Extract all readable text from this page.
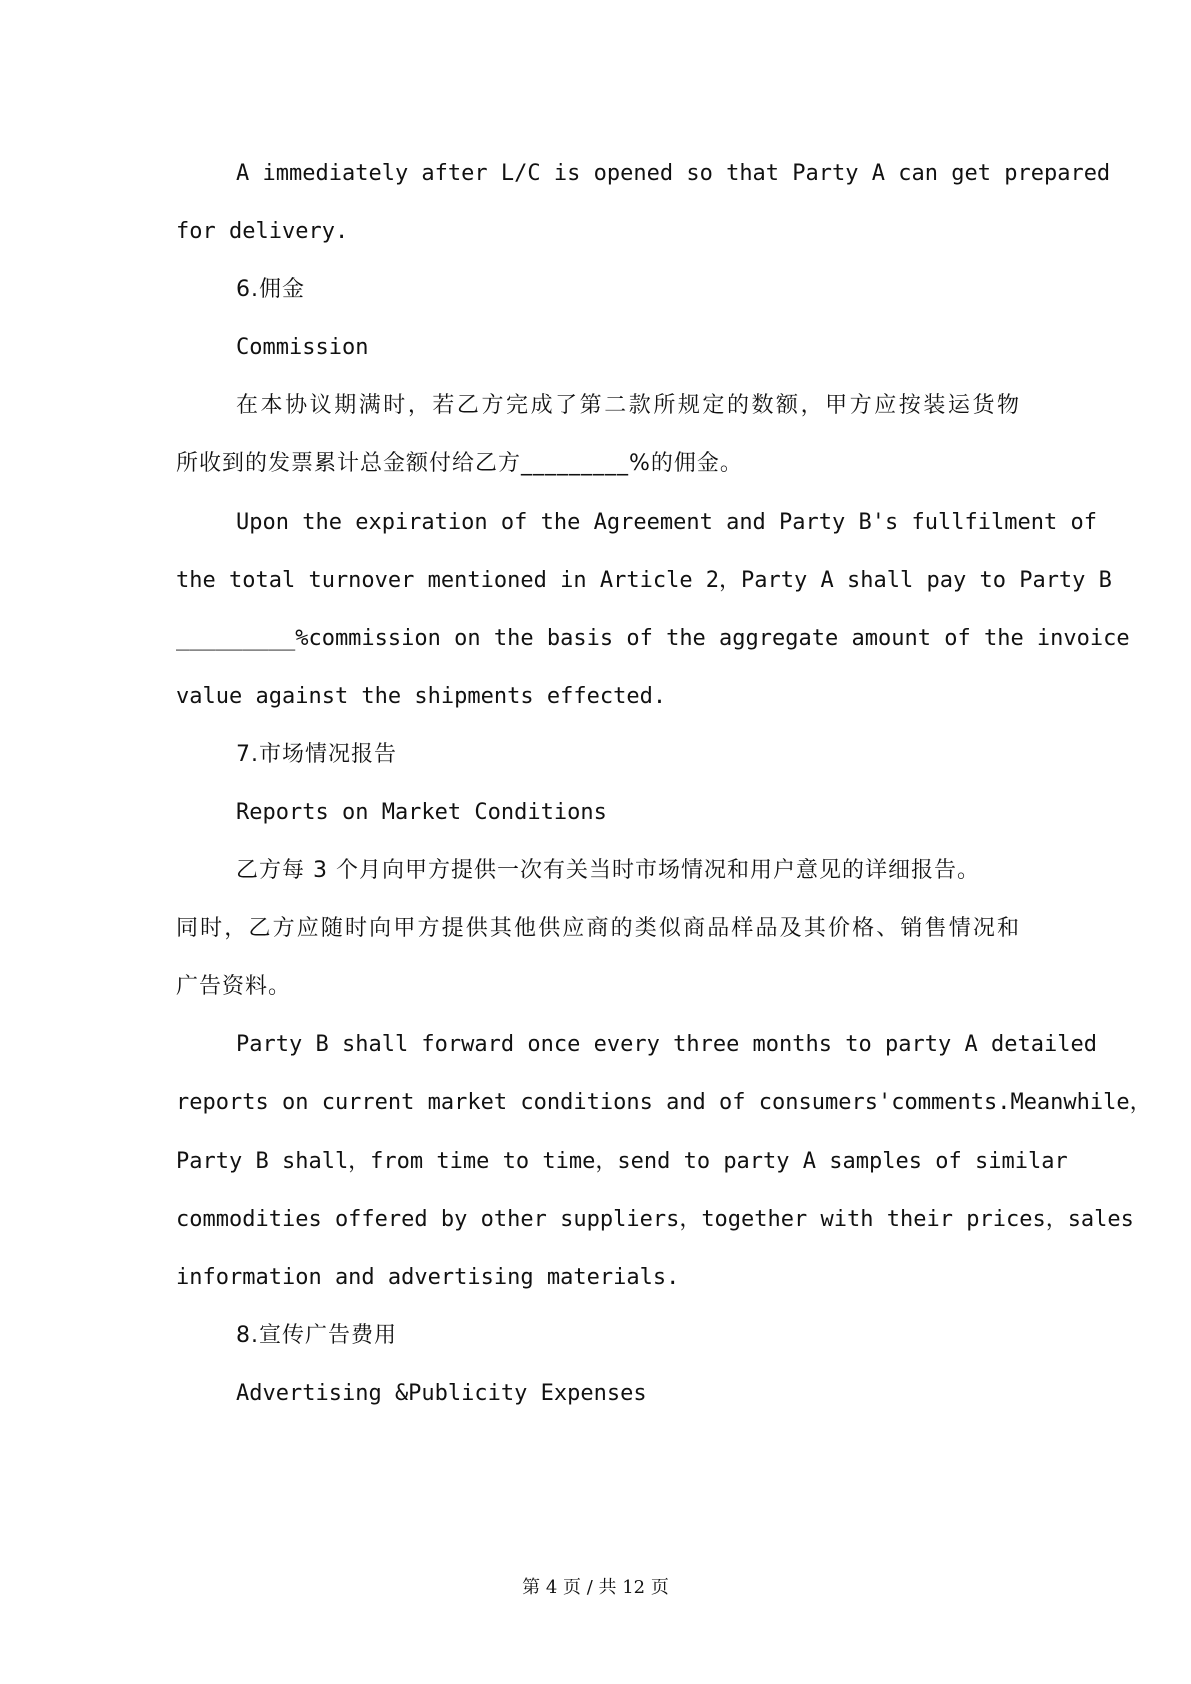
A immediately after L/C is opened so that Party A can get prepared
for delivery.
6.佣金
Commission
在本协议期满时，若乙方完成了第二款所规定的数额，甲方应按装运货物
所收到的发票累计总金额付给乙方_________%的佣金。
Upon the expiration of the Agreement and Party B's fullfilment of
the total turnover mentioned in Article 2，Party A shall pay to Party B
_________%commission on the basis of the aggregate amount of the invoice
value against the shipments effected.
7.市场情况报告
Reports on Market Conditions
乙方每 3 个月向甲方提供一次有关当时市场情况和用户意见的详细报告。
同时，乙方应随时向甲方提供其他供应商的类似商品样品及其价格、销售情况和
广告资料。
Party B shall forward once every three months to party A detailed
reports on current market conditions and of consumers'comments.Meanwhile，
Party B shall，from time to time，send to party A samples of similar
commodities offered by other suppliers，together with their prices，sales
information and advertising materials.
8.宣传广告费用
Advertising &Publicity Expenses
第 4 页 / 共 12 页
